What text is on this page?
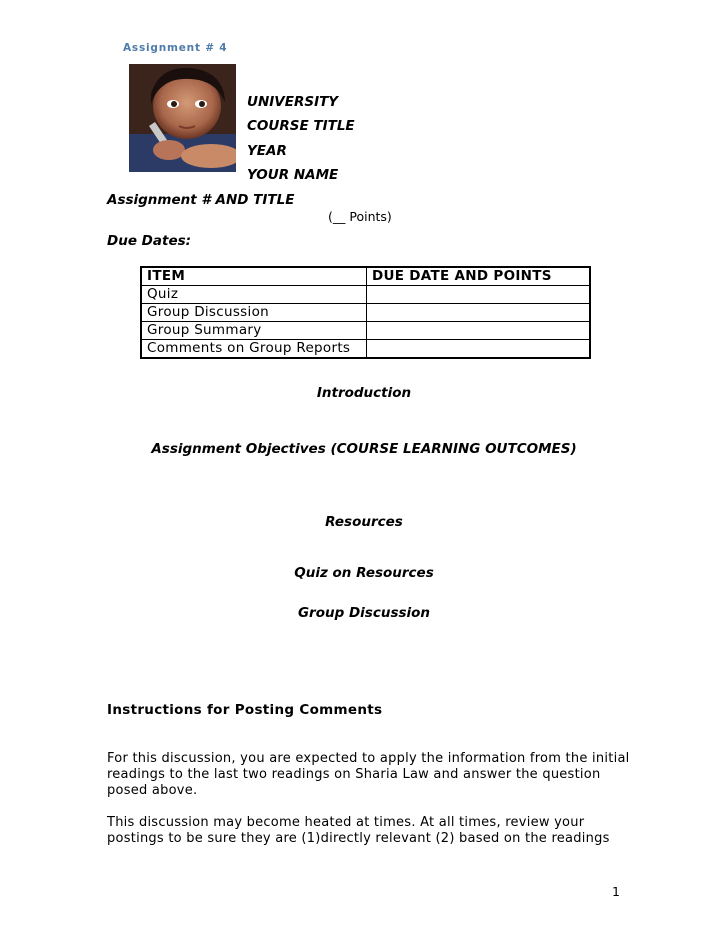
Assignment # 4
UNIVERSITY
COURSE TITLE
YEAR
YOUR NAME
Assignment # AND TITLE
(__ Points)
Due Dates:
ITEM	DUE DATE AND POINTS
Quiz	
Group Discussion	
Group Summary	
Comments on Group Reports	
Introduction
Assignment Objectives (COURSE LEARNING OUTCOMES)
Resources
Quiz on Resources
Group Discussion
Instructions for Posting Comments
For this discussion, you are expected to apply the information from the initial
readings to the last two readings on Sharia Law and answer the question
posed above.
This discussion may become heated at times. At all times, review your
postings to be sure they are (1)directly relevant (2) based on the readings
1
